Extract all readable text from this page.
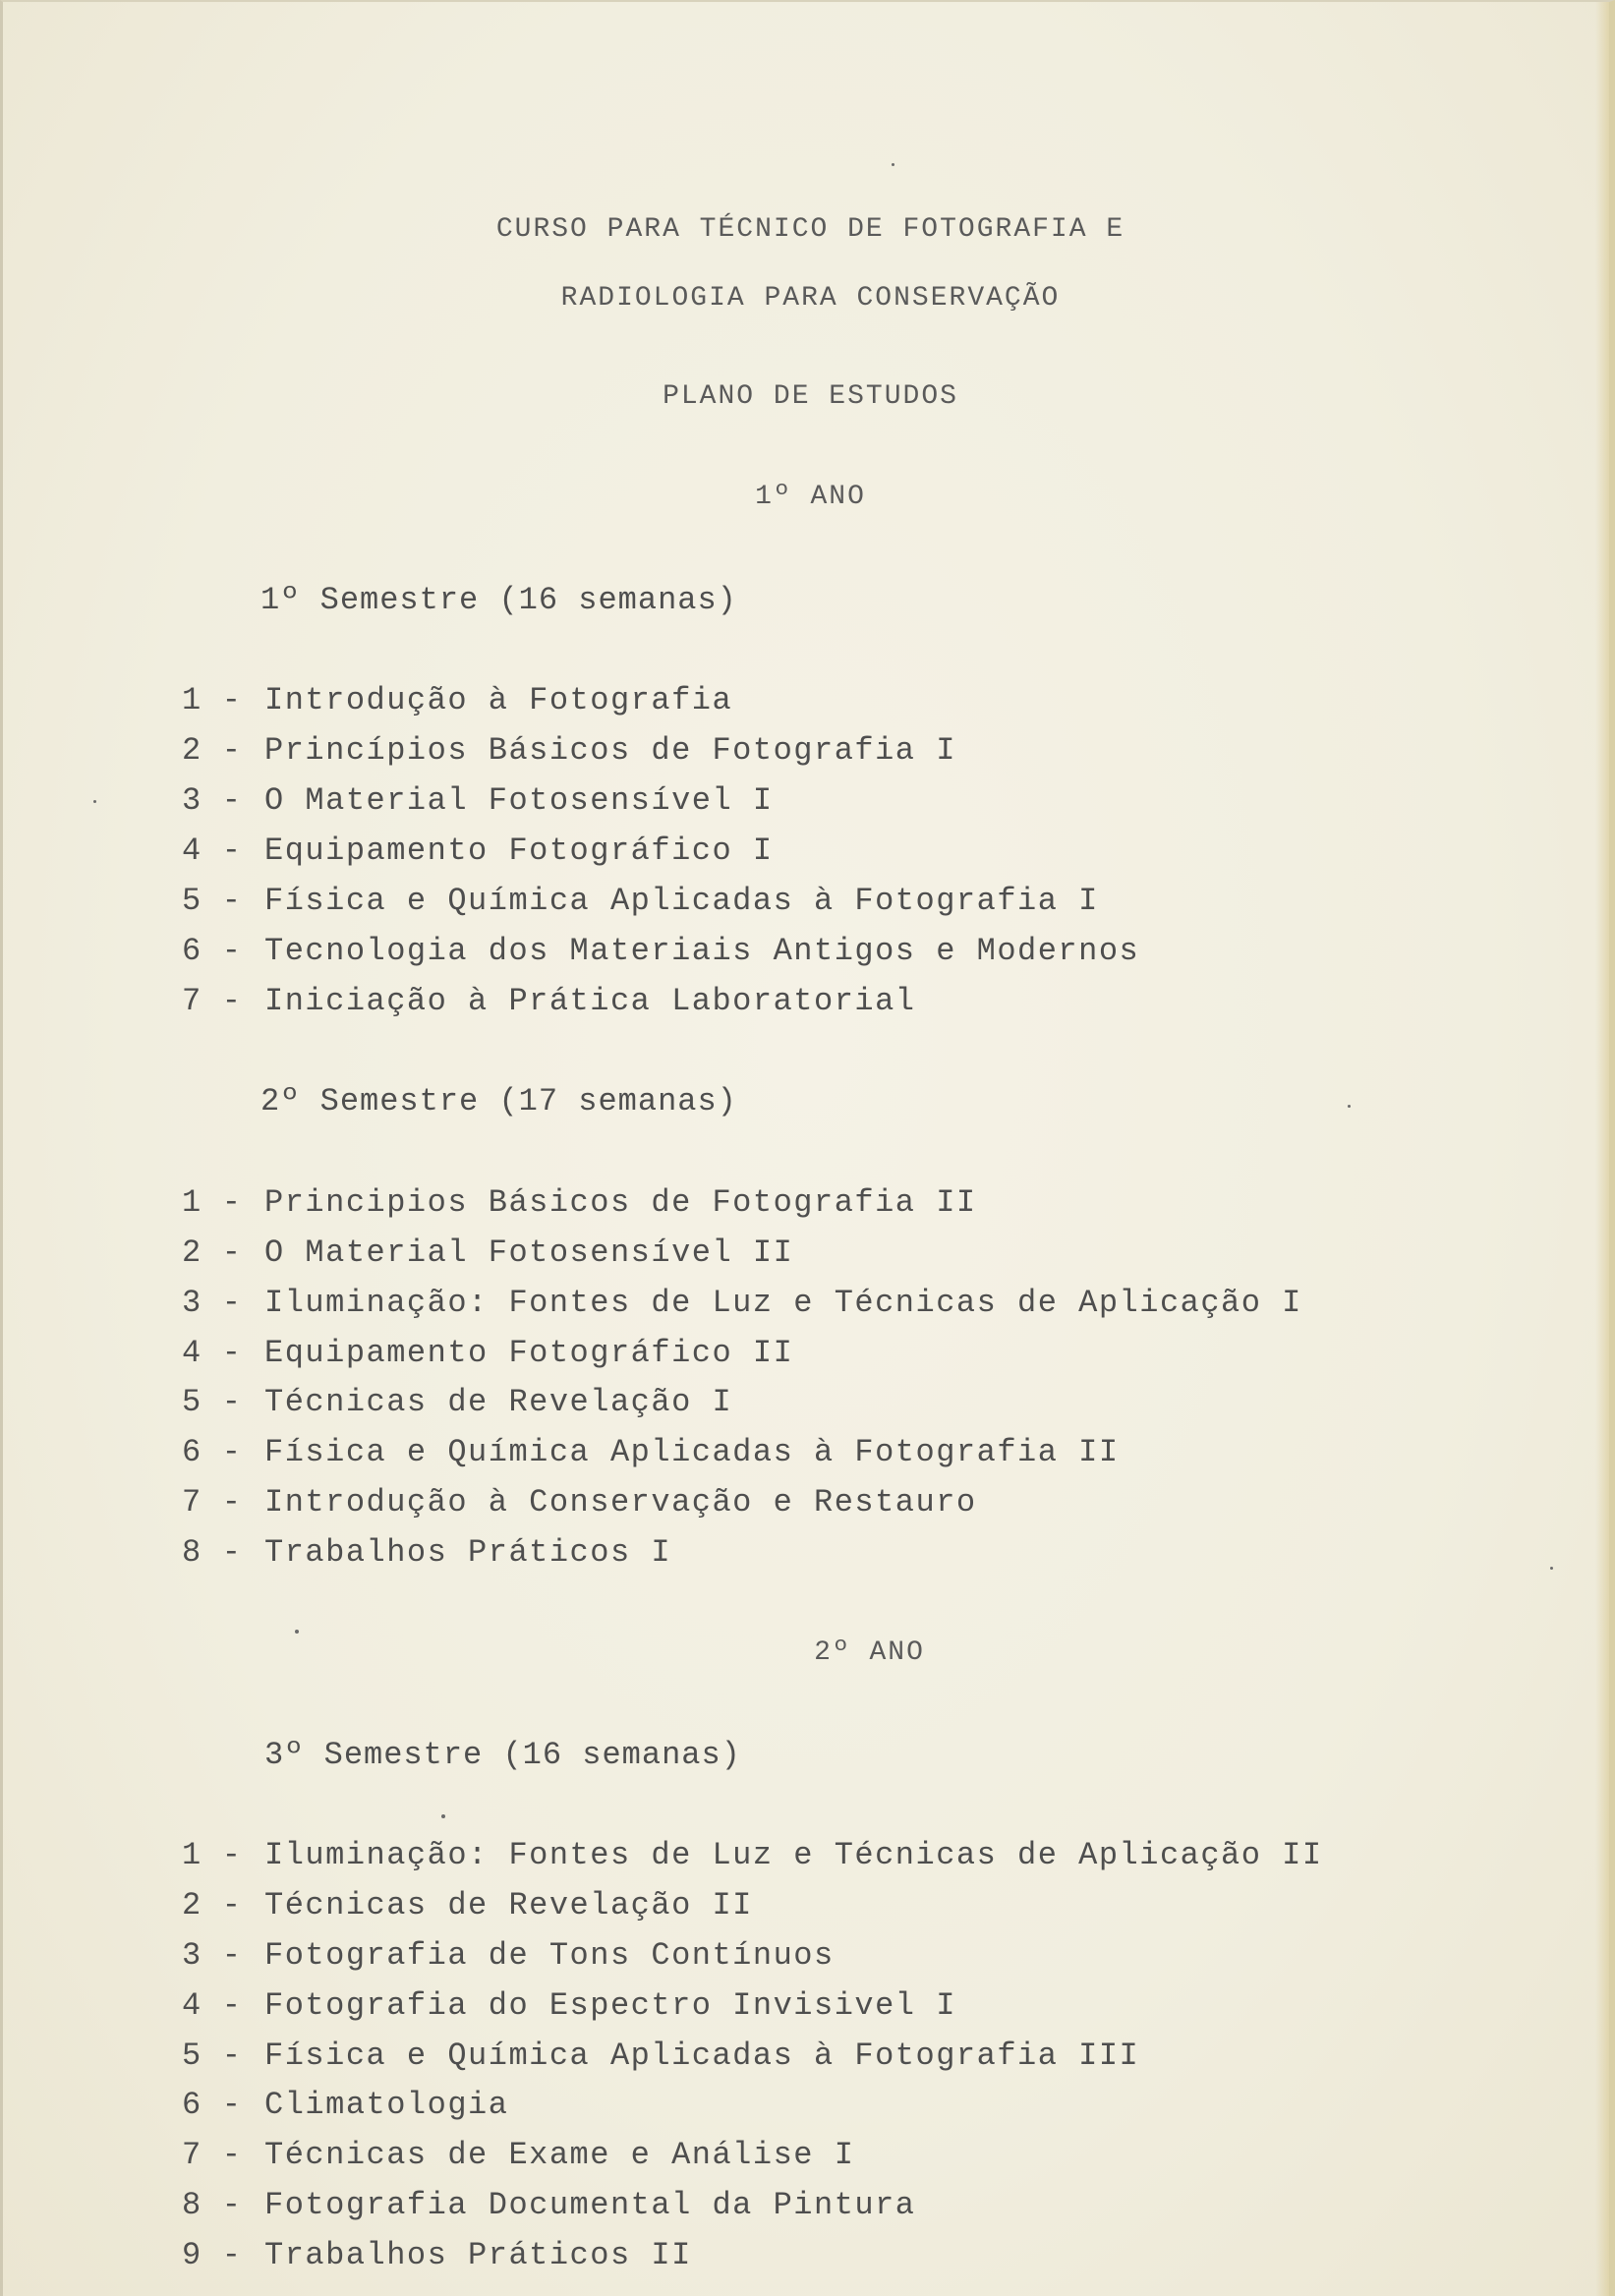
CURSO PARA TÉCNICO DE FOTOGRAFIA E
RADIOLOGIA PARA CONSERVAÇÃO
PLANO DE ESTUDOS
1º ANO
1º Semestre (16 semanas)
1 -	Introdução à Fotografia
2 -	Princípios Básicos de Fotografia I
3 -	O Material Fotosensível I
4 -	Equipamento Fotográfico I
5 -	Física e Química Aplicadas à Fotografia I
6 -	Tecnologia dos Materiais Antigos e Modernos
7 -	Iniciação à Prática Laboratorial
2º Semestre (17 semanas)
1 -	Principios Básicos de Fotografia II
2 -	O Material Fotosensível II
3 -	Iluminação: Fontes de Luz e Técnicas de Aplicação I
4 -	Equipamento Fotográfico II
5 -	Técnicas de Revelação I
6 -	Física e Química Aplicadas à Fotografia II
7 -	Introdução à Conservação e Restauro
8 -	Trabalhos Práticos I
2º ANO
3º Semestre (16 semanas)
1 -	Iluminação: Fontes de Luz e Técnicas de Aplicação II
2 -	Técnicas de Revelação II
3 -	Fotografia de Tons Contínuos
4 -	Fotografia do Espectro Invisivel I
5 -	Física e Química Aplicadas à Fotografia III
6 -	Climatologia
7 -	Técnicas de Exame e Análise I
8 -	Fotografia Documental da Pintura
9 -	Trabalhos Práticos II
